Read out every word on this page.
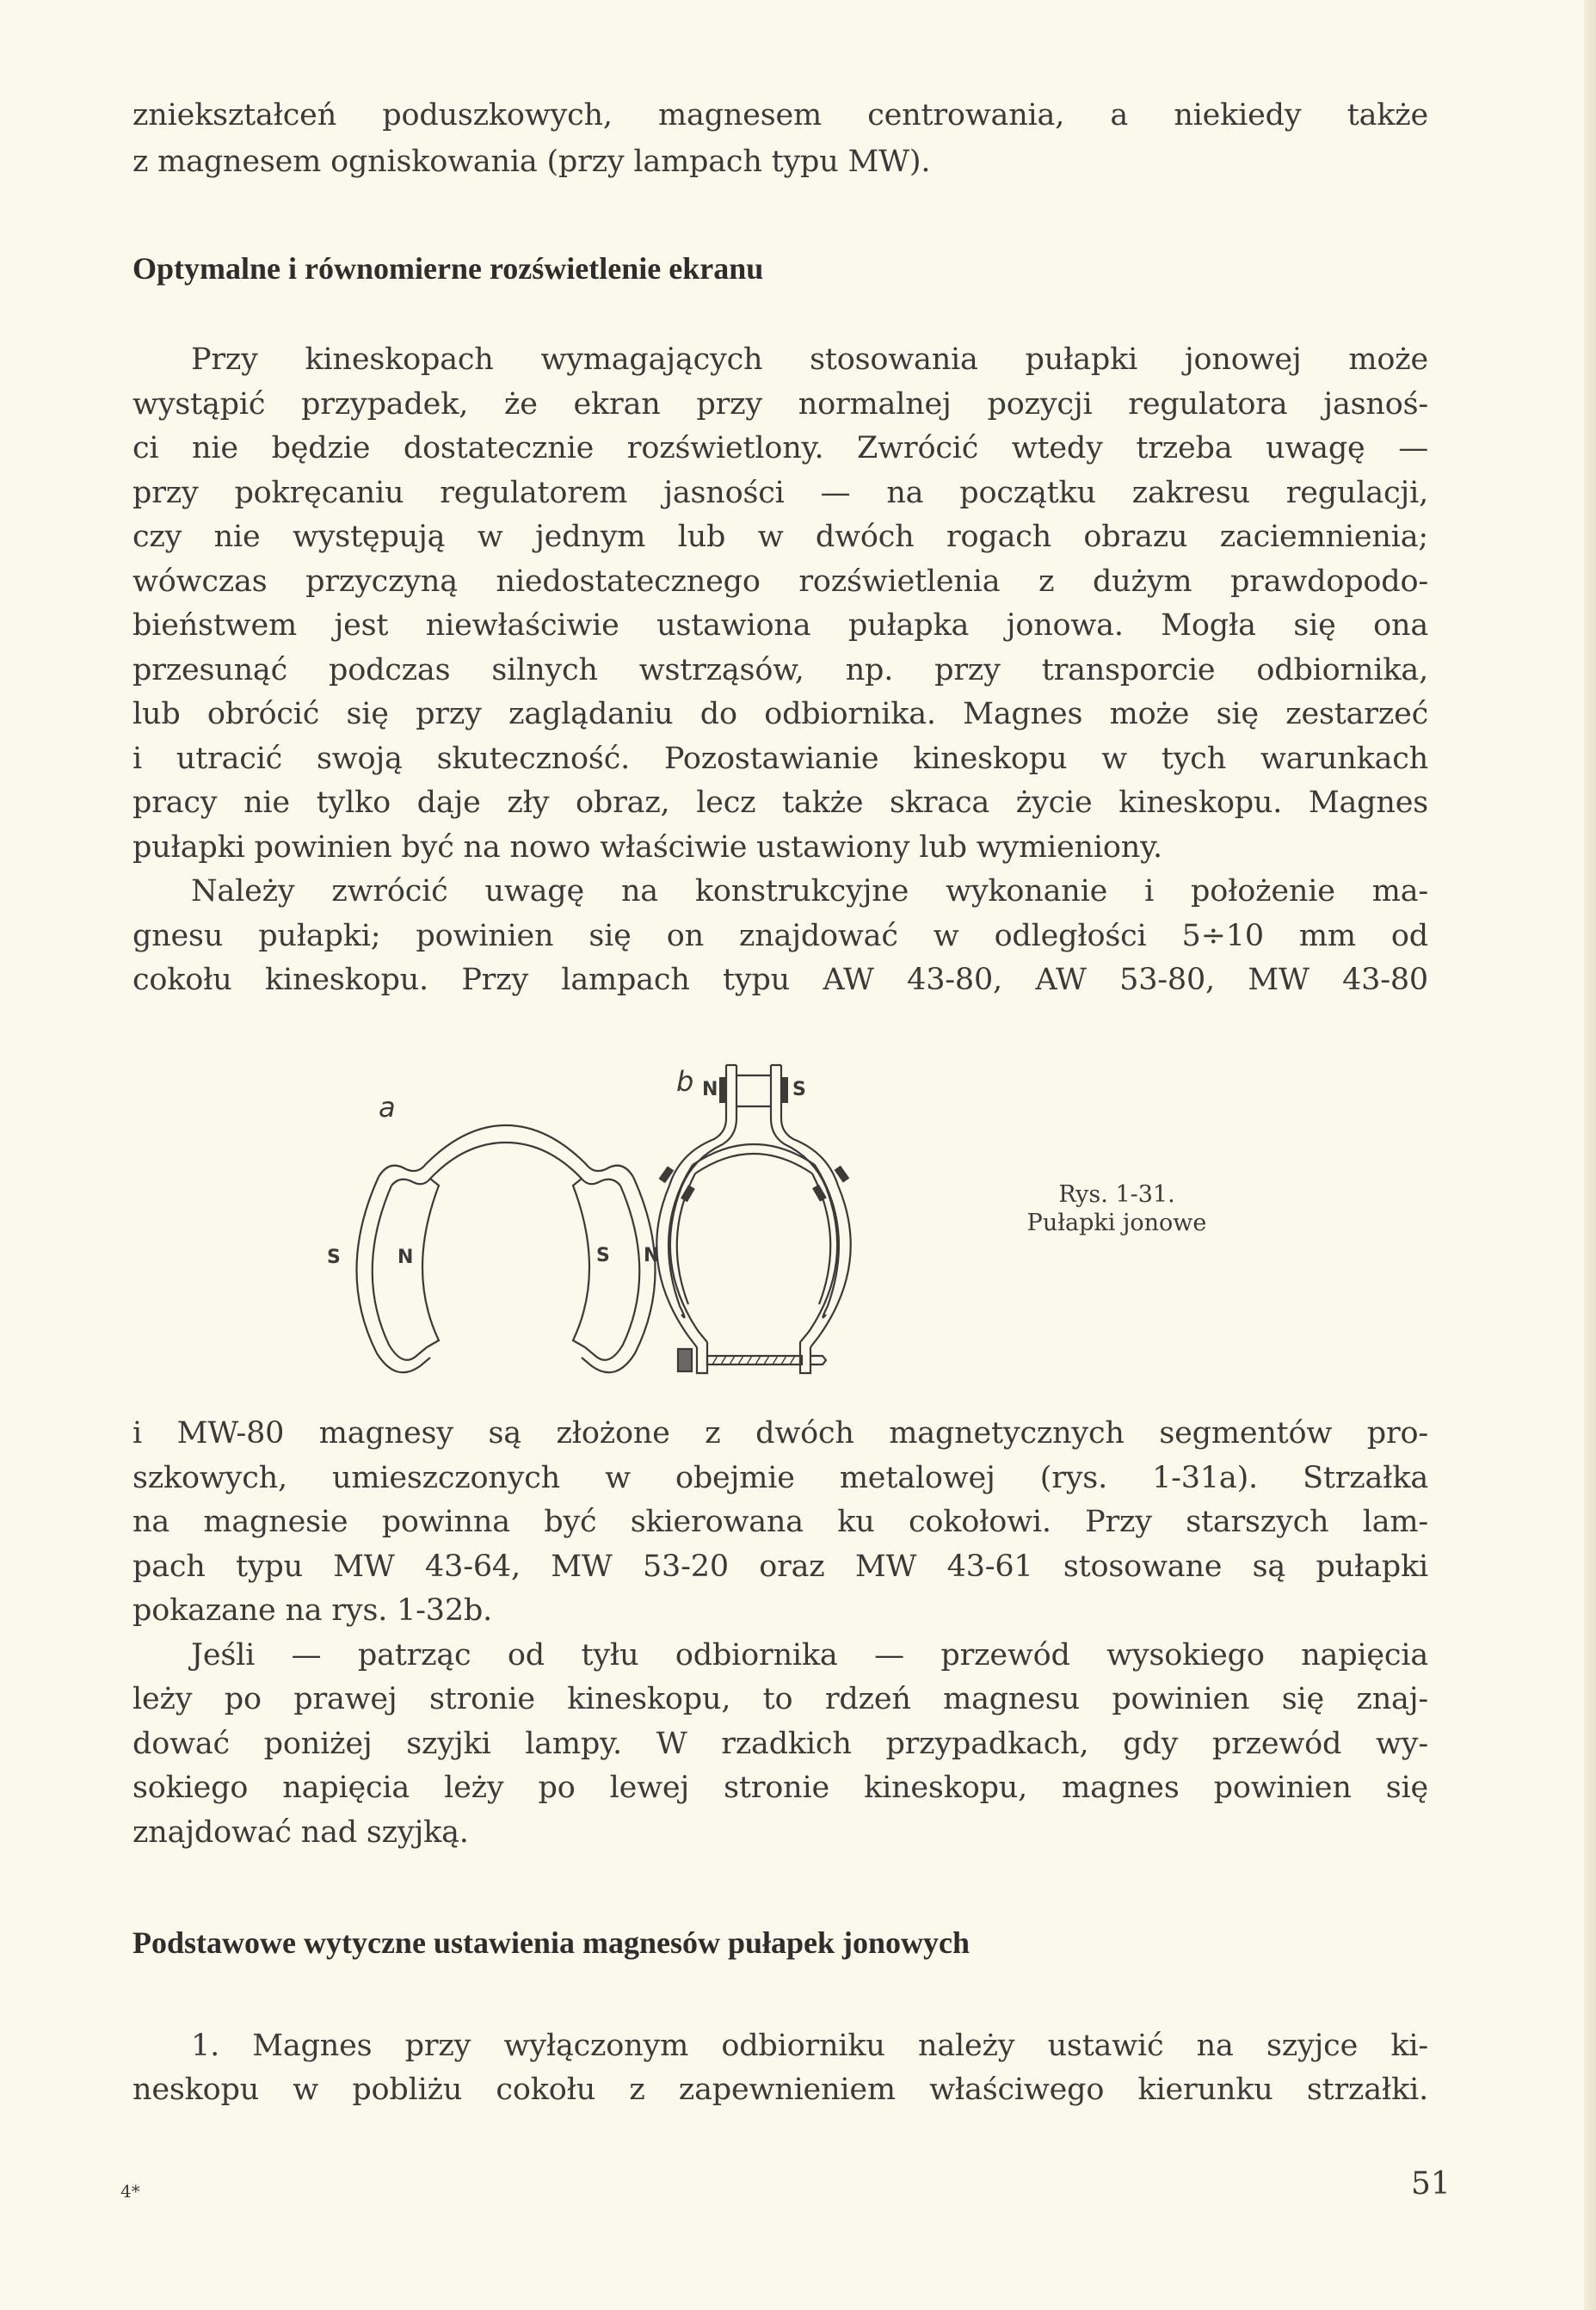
zniekształceń poduszkowych, magnesem centrowania, a niekiedy także
z magnesem ogniskowania (przy lampach typu MW).
Optymalne i równomierne rozświetlenie ekranu
Przy kineskopach wymagających stosowania pułapki jonowej może
wystąpić przypadek, że ekran przy normalnej pozycji regulatora jasnoś-
ci nie będzie dostatecznie rozświetlony. Zwrócić wtedy trzeba uwagę —
przy pokręcaniu regulatorem jasności — na początku zakresu regulacji,
czy nie występują w jednym lub w dwóch rogach obrazu zaciemnienia;
wówczas przyczyną niedostatecznego rozświetlenia z dużym prawdopodo-
bieństwem jest niewłaściwie ustawiona pułapka jonowa. Mogła się ona
przesunąć podczas silnych wstrząsów, np. przy transporcie odbiornika,
lub obrócić się przy zaglądaniu do odbiornika. Magnes może się zestarzeć
i utracić swoją skuteczność. Pozostawianie kineskopu w tych warunkach
pracy nie tylko daje zły obraz, lecz także skraca życie kineskopu. Magnes
pułapki powinien być na nowo właściwie ustawiony lub wymieniony.
Należy zwrócić uwagę na konstrukcyjne wykonanie i położenie ma-
gnesu pułapki; powinien się on znajdować w odległości 5÷10 mm od
cokołu kineskopu. Przy lampach typu AW 43-80, AW 53-80, MW 43-80
a
S	N	S N
b N	S
Rys. 1-31.
Pułapki jonowe
i MW-80 magnesy są złożone z dwóch magnetycznych segmentów pro-
szkowych, umieszczonych w obejmie metalowej (rys. 1-31a). Strzałka
na magnesie powinna być skierowana ku cokołowi. Przy starszych lam-
pach typu MW 43-64, MW 53-20 oraz MW 43-61 stosowane są pułapki
pokazane na rys. 1-32b.
Jeśli — patrząc od tyłu odbiornika — przewód wysokiego napięcia
leży po prawej stronie kineskopu, to rdzeń magnesu powinien się znaj-
dować poniżej szyjki lampy. W rzadkich przypadkach, gdy przewód wy-
sokiego napięcia leży po lewej stronie kineskopu, magnes powinien się
znajdować nad szyjką.
Podstawowe wytyczne ustawienia magnesów pułapek jonowych
1. Magnes przy wyłączonym odbiorniku należy ustawić na szyjce ki-
neskopu w pobliżu cokołu z zapewnieniem właściwego kierunku strzałki.
4*	51
